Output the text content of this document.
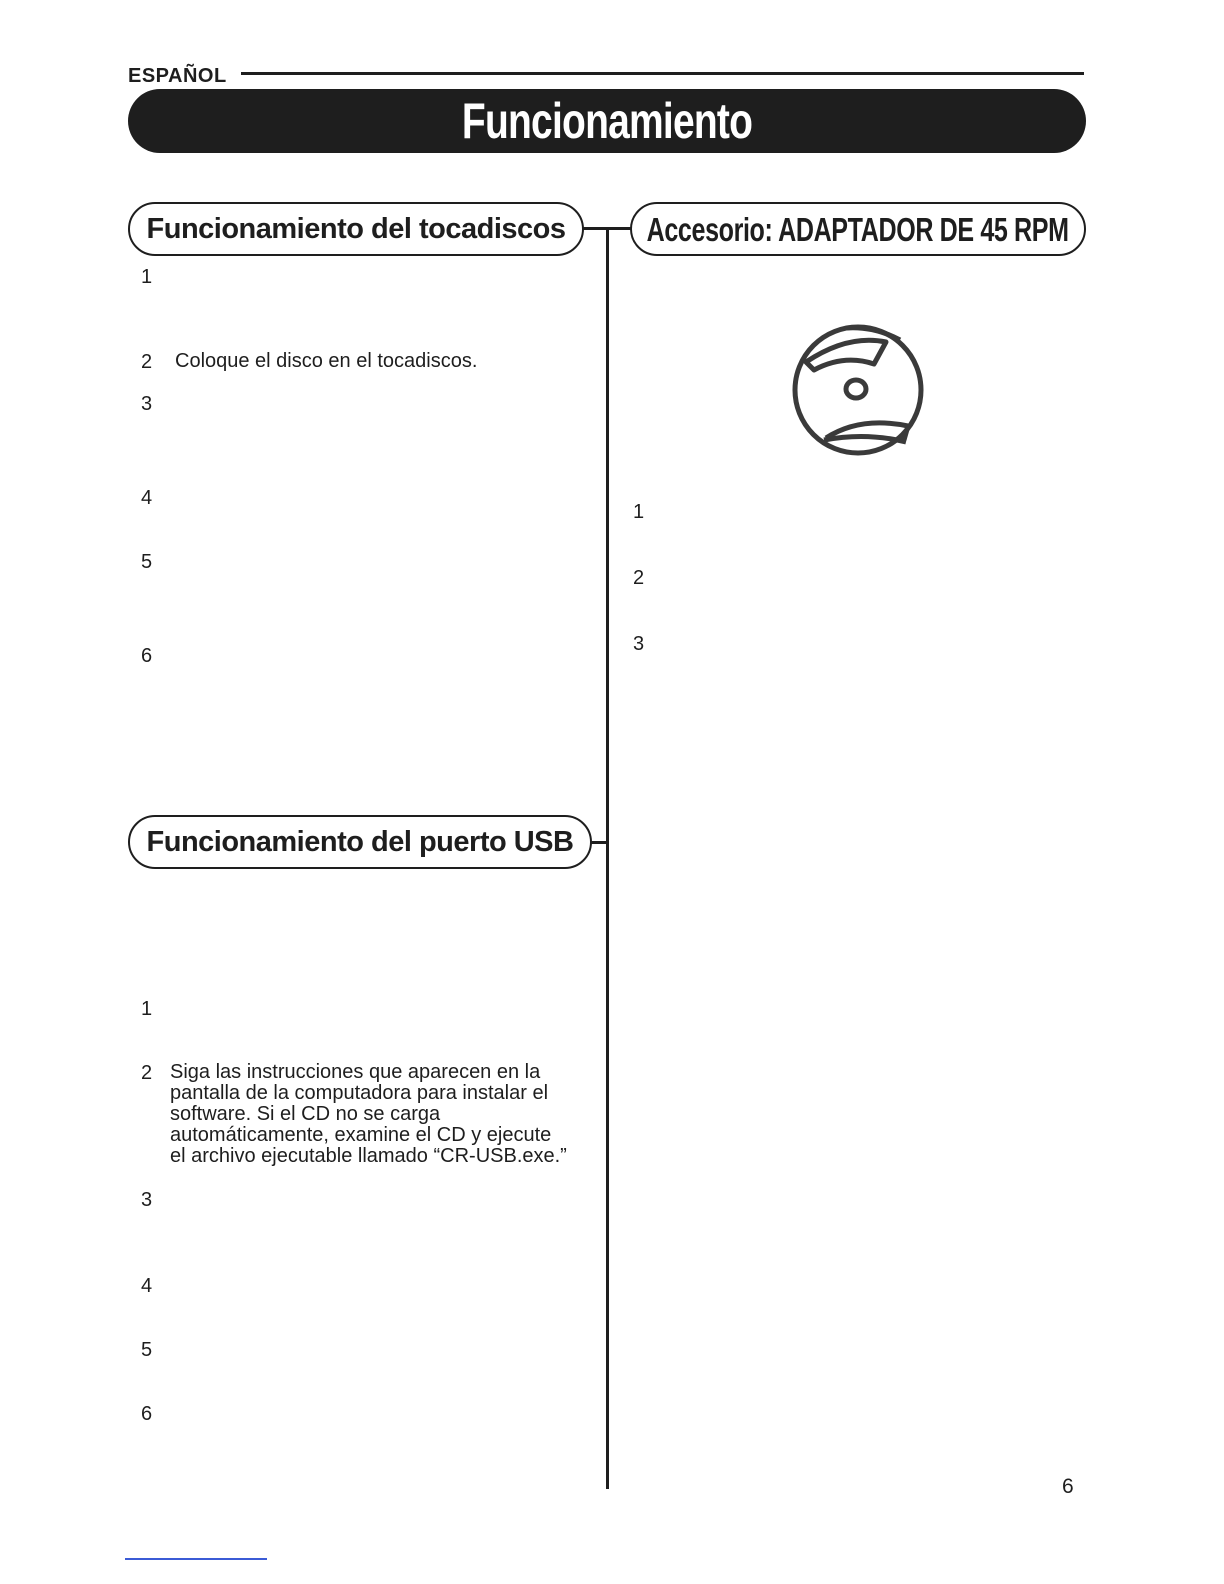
ESPAÑOL
Funcionamiento
Funcionamiento del tocadiscos Accesorio: ADAPTADOR DE 45 RPM
1
2 Coloque el disco en el tocadiscos.
3
4
5
6
1
2
3
Funcionamiento del puerto USB
1
2 Siga las instrucciones que aparecen en la
pantalla de la computadora para instalar el
software. Si el CD no se carga
automáticamente, examine el CD y ejecute
el archivo ejecutable llamado “CR-USB.exe.”
3
4
5
6
6
